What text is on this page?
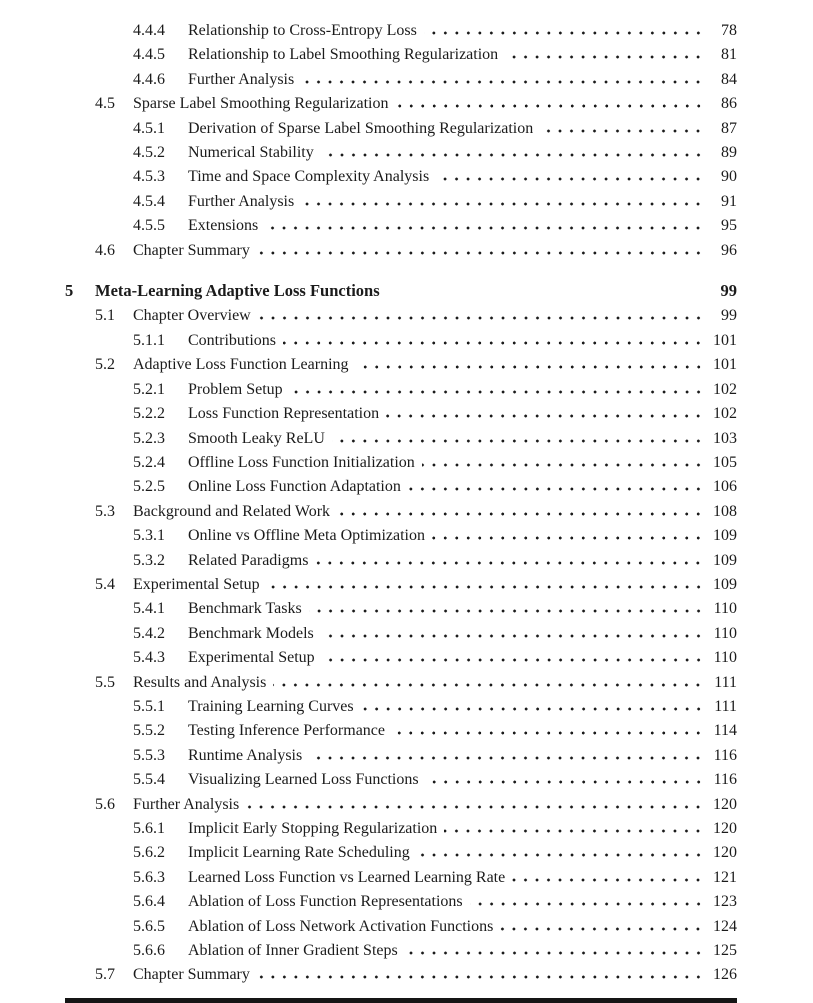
4.4.4	Relationship to Cross-Entropy Loss	78
4.4.5	Relationship to Label Smoothing Regularization	81
4.4.6	Further Analysis	84
4.5	Sparse Label Smoothing Regularization	86
4.5.1	Derivation of Sparse Label Smoothing Regularization	87
4.5.2	Numerical Stability	89
4.5.3	Time and Space Complexity Analysis	90
4.5.4	Further Analysis	91
4.5.5	Extensions	95
4.6	Chapter Summary	96
5	Meta-Learning Adaptive Loss Functions	99
5.1	Chapter Overview	99
5.1.1	Contributions	101
5.2	Adaptive Loss Function Learning	101
5.2.1	Problem Setup	102
5.2.2	Loss Function Representation	102
5.2.3	Smooth Leaky ReLU	103
5.2.4	Offline Loss Function Initialization	105
5.2.5	Online Loss Function Adaptation	106
5.3	Background and Related Work	108
5.3.1	Online vs Offline Meta Optimization	109
5.3.2	Related Paradigms	109
5.4	Experimental Setup	109
5.4.1	Benchmark Tasks	110
5.4.2	Benchmark Models	110
5.4.3	Experimental Setup	110
5.5	Results and Analysis	111
5.5.1	Training Learning Curves	111
5.5.2	Testing Inference Performance	114
5.5.3	Runtime Analysis	116
5.5.4	Visualizing Learned Loss Functions	116
5.6	Further Analysis	120
5.6.1	Implicit Early Stopping Regularization	120
5.6.2	Implicit Learning Rate Scheduling	120
5.6.3	Learned Loss Function vs Learned Learning Rate	121
5.6.4	Ablation of Loss Function Representations	123
5.6.5	Ablation of Loss Network Activation Functions	124
5.6.6	Ablation of Inner Gradient Steps	125
5.7	Chapter Summary	126
